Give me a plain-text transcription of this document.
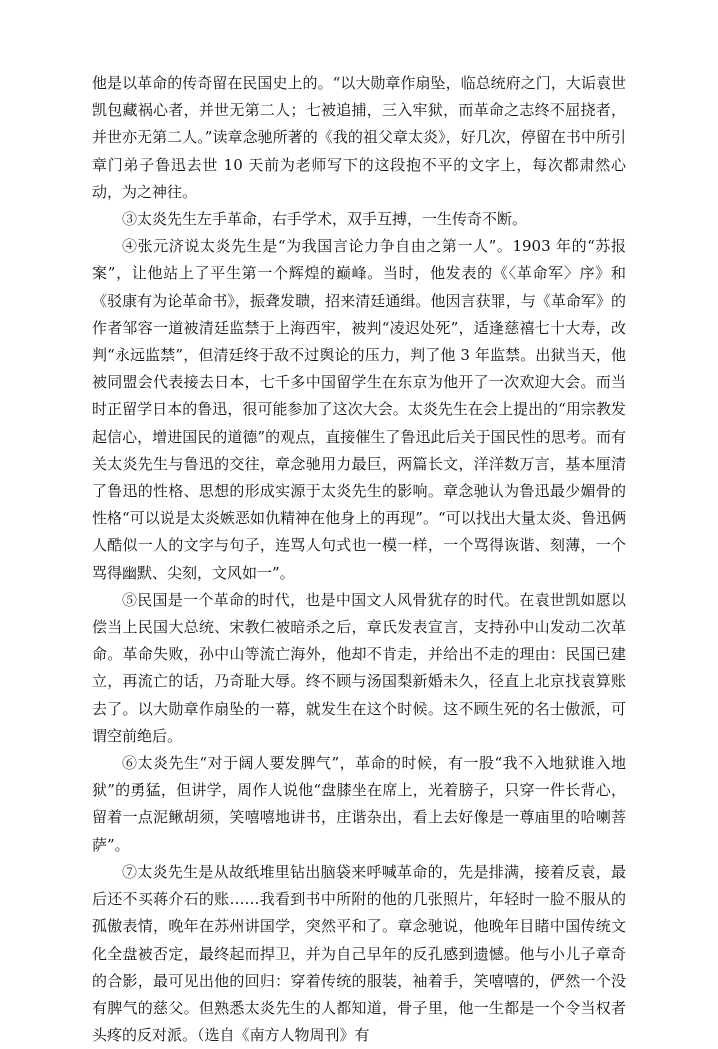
他是以革命的传奇留在民国史上的。“以大勋章作扇坠，临总统府之门，大诟袁世凯包藏祸心者，并世无第二人；七被追捕，三入牢狱，而革命之志终不屈挠者，并世亦无第二人。”读章念驰所著的《我的祖父章太炎》，好几次，停留在书中所引章门弟子鲁迅去世 10 天前为老师写下的这段抱不平的文字上，每次都肃然心动，为之神往。

③太炎先生左手革命，右手学术，双手互搏，一生传奇不断。

④张元济说太炎先生是“为我国言论力争自由之第一人”。1903 年的“苏报案”，让他站上了平生第一个辉煌的巅峰。当时，他发表的《〈革命军〉序》和《驳康有为论革命书》，振聋发聩，招来清廷通缉。他因言获罪，与《革命军》的作者邹容一道被清廷监禁于上海西牢，被判“凌迟处死”，适逢慈禧七十大寿，改判“永远监禁”，但清廷终于敌不过舆论的压力，判了他 3 年监禁。出狱当天，他被同盟会代表接去日本，七千多中国留学生在东京为他开了一次欢迎大会。而当时正留学日本的鲁迅，很可能参加了这次大会。太炎先生在会上提出的“用宗教发起信心，增进国民的道德”的观点，直接催生了鲁迅此后关于国民性的思考。而有关太炎先生与鲁迅的交往，章念驰用力最巨，两篇长文，洋洋数万言，基本厘清了鲁迅的性格、思想的形成实源于太炎先生的影响。章念驰认为鲁迅最少媚骨的性格“可以说是太炎嫉恶如仇精神在他身上的再现”。“可以找出大量太炎、鲁迅俩人酷似一人的文字与句子，连骂人句式也一模一样，一个骂得诙谐、刻薄，一个骂得幽默、尖刻，文风如一”。

⑤民国是一个革命的时代，也是中国文人风骨犹存的时代。在袁世凯如愿以偿当上民国大总统、宋教仁被暗杀之后，章氏发表宣言，支持孙中山发动二次革命。革命失败，孙中山等流亡海外，他却不肯走，并给出不走的理由：民国已建立，再流亡的话，乃奇耻大辱。终不顾与汤国梨新婚未久，径直上北京找袁算账去了。以大勋章作扇坠的一幕，就发生在这个时候。这不顾生死的名士傲派，可谓空前绝后。

⑥太炎先生“对于阔人要发脾气”，革命的时候，有一股“我不入地狱谁入地狱”的勇猛，但讲学，周作人说他“盘膝坐在席上，光着膀子，只穿一件长背心，留着一点泥鳅胡须，笑嘻嘻地讲书，庄谐杂出，看上去好像是一尊庙里的哈喇菩萨”。

⑦太炎先生是从故纸堆里钻出脑袋来呼喊革命的，先是排满，接着反袁，最后还不买蒋介石的账……我看到书中所附的他的几张照片，年轻时一脸不服从的孤傲表情，晚年在苏州讲国学，突然平和了。章念驰说，他晚年目睹中国传统文化全盘被否定，最终起而捍卫，并为自己早年的反孔感到遗憾。他与小儿子章奇的合影，最可见出他的回归：穿着传统的服装，袖着手，笑嘻嘻的，俨然一个没有脾气的慈父。但熟悉太炎先生的人都知道，骨子里，他一生都是一个令当权者头疼的反对派。（选自《南方人物周刊》有
